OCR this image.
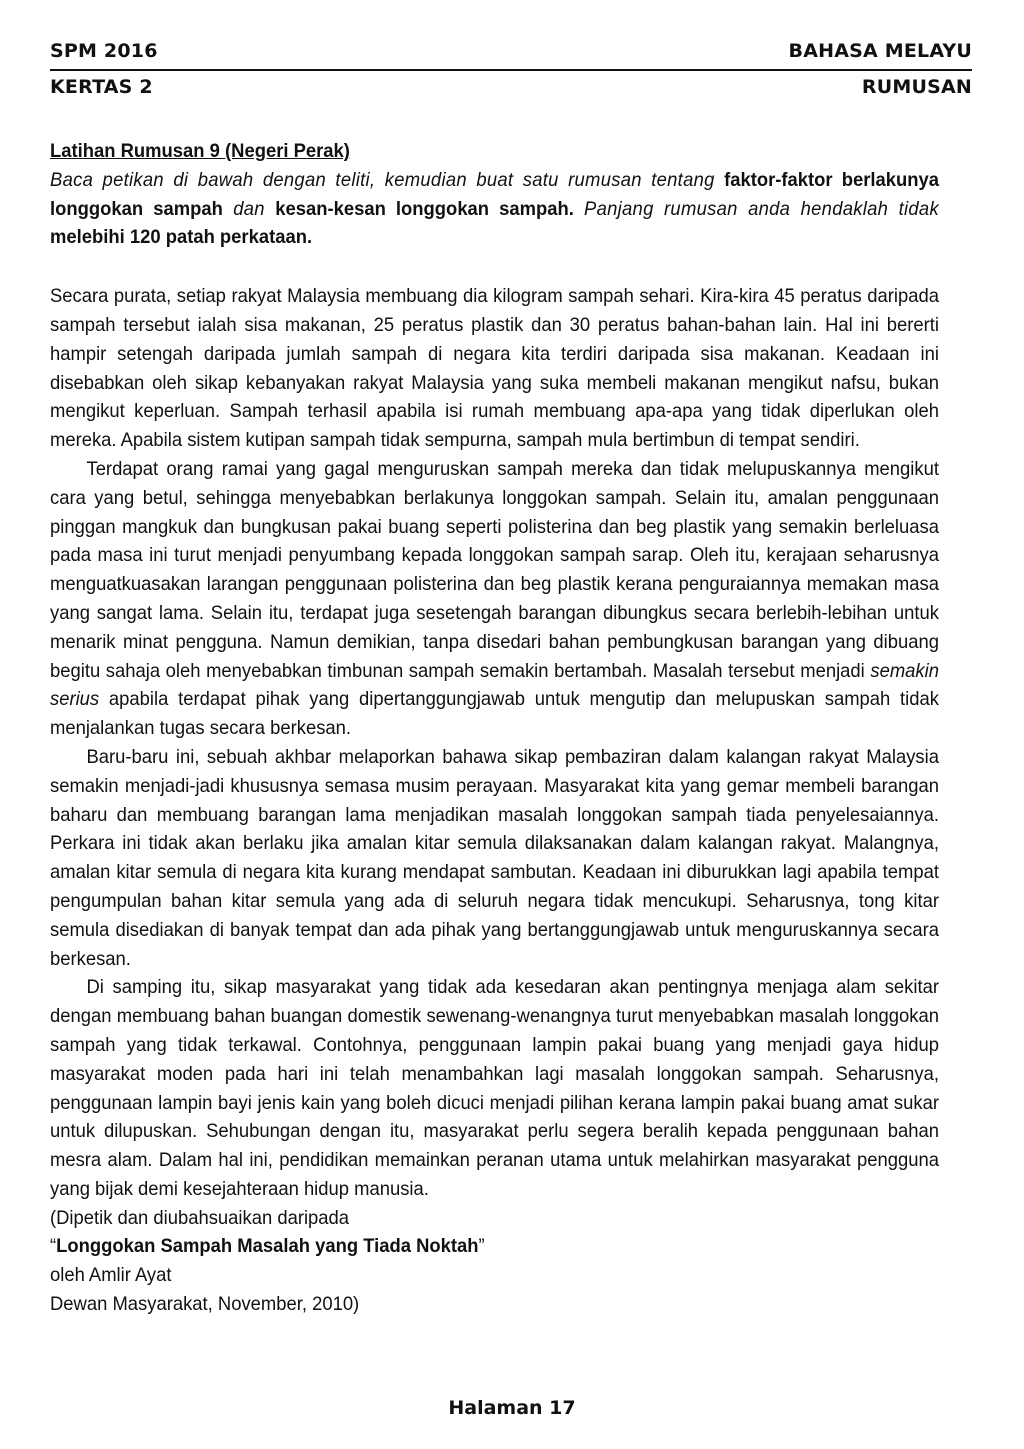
SPM 2016	BAHASA MELAYU
KERTAS 2	RUMUSAN

Latihan Rumusan 9 (Negeri Perak)

Baca petikan di bawah dengan teliti, kemudian buat satu rumusan tentang faktor-faktor berlakunya longgokan sampah dan kesan-kesan longgokan sampah. Panjang rumusan anda hendaklah tidak melebihi 120 patah perkataan.

Secara purata, setiap rakyat Malaysia membuang dia kilogram sampah sehari. Kira-kira 45 peratus daripada sampah tersebut ialah sisa makanan, 25 peratus plastik dan 30 peratus bahan-bahan lain. Hal ini bererti hampir setengah daripada jumlah sampah di negara kita terdiri daripada sisa makanan. Keadaan ini disebabkan oleh sikap kebanyakan rakyat Malaysia yang suka membeli makanan mengikut nafsu, bukan mengikut keperluan. Sampah terhasil apabila isi rumah membuang apa-apa yang tidak diperlukan oleh mereka. Apabila sistem kutipan sampah tidak sempurna, sampah mula bertimbun di tempat sendiri.

Terdapat orang ramai yang gagal menguruskan sampah mereka dan tidak melupuskannya mengikut cara yang betul, sehingga menyebabkan berlakunya longgokan sampah. Selain itu, amalan penggunaan pinggan mangkuk dan bungkusan pakai buang seperti polisterina dan beg plastik yang semakin berleluasa pada masa ini turut menjadi penyumbang kepada longgokan sampah sarap. Oleh itu, kerajaan seharusnya menguatkuasakan larangan penggunaan polisterina dan beg plastik kerana penguraiannya memakan masa yang sangat lama. Selain itu, terdapat juga sesetengah barangan dibungkus secara berlebih-lebihan untuk menarik minat pengguna. Namun demikian, tanpa disedari bahan pembungkusan barangan yang dibuang begitu sahaja oleh menyebabkan timbunan sampah semakin bertambah. Masalah tersebut menjadi semakin serius apabila terdapat pihak yang dipertanggungjawab untuk mengutip dan melupuskan sampah tidak menjalankan tugas secara berkesan.

Baru-baru ini, sebuah akhbar melaporkan bahawa sikap pembaziran dalam kalangan rakyat Malaysia semakin menjadi-jadi khususnya semasa musim perayaan. Masyarakat kita yang gemar membeli barangan baharu dan membuang barangan lama menjadikan masalah longgokan sampah tiada penyelesaiannya. Perkara ini tidak akan berlaku jika amalan kitar semula dilaksanakan dalam kalangan rakyat. Malangnya, amalan kitar semula di negara kita kurang mendapat sambutan. Keadaan ini diburukkan lagi apabila tempat pengumpulan bahan kitar semula yang ada di seluruh negara tidak mencukupi. Seharusnya, tong kitar semula disediakan di banyak tempat dan ada pihak yang bertanggungjawab untuk menguruskannya secara berkesan.

Di samping itu, sikap masyarakat yang tidak ada kesedaran akan pentingnya menjaga alam sekitar dengan membuang bahan buangan domestik sewenang-wenangnya turut menyebabkan masalah longgokan sampah yang tidak terkawal. Contohnya, penggunaan lampin pakai buang yang menjadi gaya hidup masyarakat moden pada hari ini telah menambahkan lagi masalah longgokan sampah. Seharusnya, penggunaan lampin bayi jenis kain yang boleh dicuci menjadi pilihan kerana lampin pakai buang amat sukar untuk dilupuskan. Sehubungan dengan itu, masyarakat perlu segera beralih kepada penggunaan bahan mesra alam. Dalam hal ini, pendidikan memainkan peranan utama untuk melahirkan masyarakat pengguna yang bijak demi kesejahteraan hidup manusia.

(Dipetik dan diubahsuaikan daripada

“Longgokan Sampah Masalah yang Tiada Noktah”

oleh Amlir Ayat

Dewan Masyarakat, November, 2010)

Halaman 17
